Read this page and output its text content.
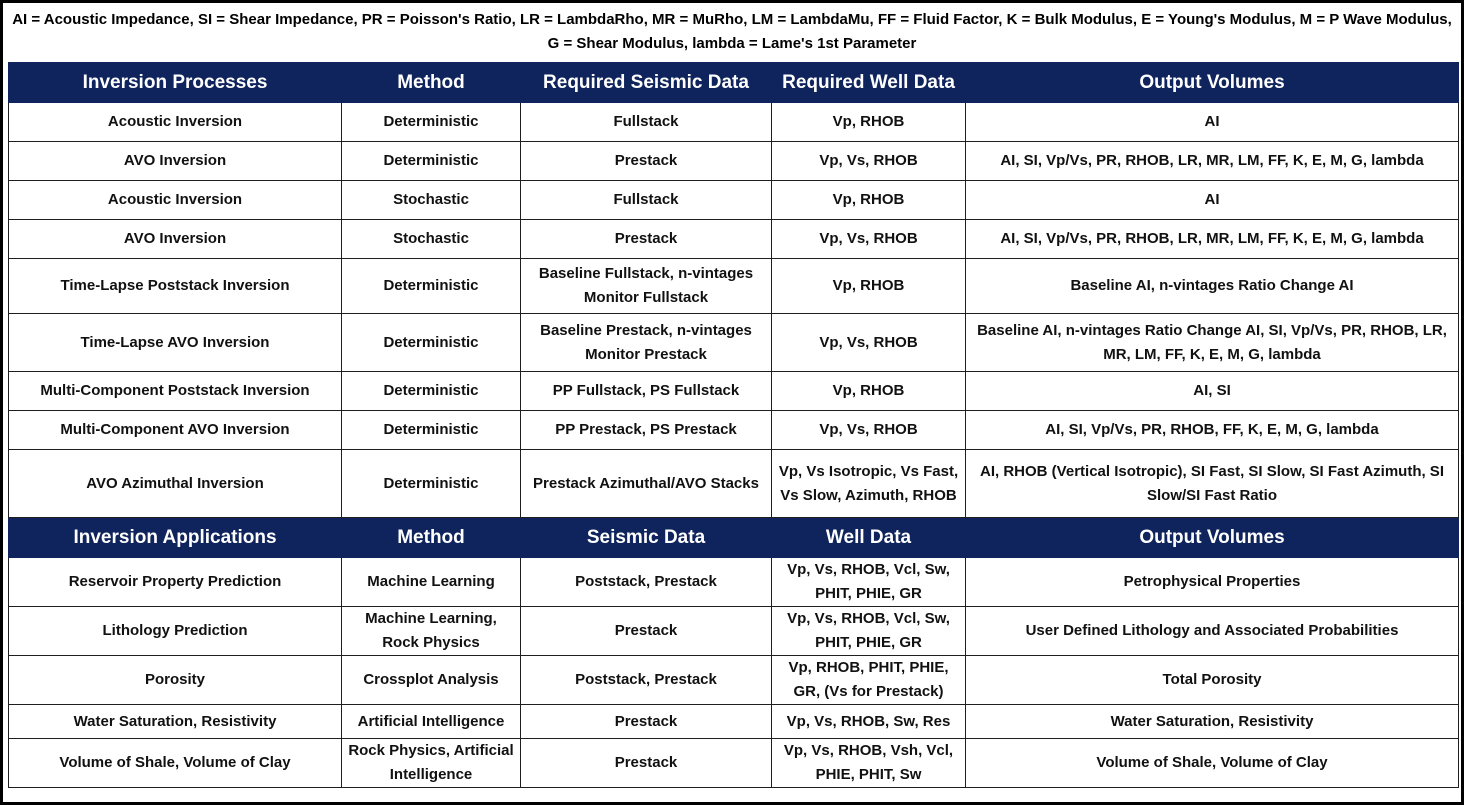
AI = Acoustic Impedance, SI = Shear Impedance, PR = Poisson's Ratio, LR = LambdaRho, MR = MuRho, LM = LambdaMu, FF = Fluid Factor, K = Bulk Modulus, E = Young's Modulus, M = P Wave Modulus, G = Shear Modulus, lambda = Lame's 1st Parameter
Inversion Processes	Method	Required Seismic Data	Required Well Data	Output Volumes
Acoustic Inversion	Deterministic	Fullstack	Vp, RHOB	AI
AVO Inversion	Deterministic	Prestack	Vp, Vs, RHOB	AI, SI, Vp/Vs, PR, RHOB, LR, MR, LM, FF, K, E, M, G, lambda
Acoustic Inversion	Stochastic	Fullstack	Vp, RHOB	AI
AVO Inversion	Stochastic	Prestack	Vp, Vs, RHOB	AI, SI, Vp/Vs, PR, RHOB, LR, MR, LM, FF, K, E, M, G, lambda
Time-Lapse Poststack Inversion	Deterministic	Baseline Fullstack, n-vintages Monitor Fullstack	Vp, RHOB	Baseline AI, n-vintages Ratio Change AI
Time-Lapse AVO Inversion	Deterministic	Baseline Prestack, n-vintages Monitor Prestack	Vp, Vs, RHOB	Baseline AI, n-vintages Ratio Change AI, SI, Vp/Vs, PR, RHOB, LR, MR, LM, FF, K, E, M, G, lambda
Multi-Component Poststack Inversion	Deterministic	PP Fullstack, PS Fullstack	Vp, RHOB	AI, SI
Multi-Component AVO Inversion	Deterministic	PP Prestack, PS Prestack	Vp, Vs, RHOB	AI, SI, Vp/Vs, PR, RHOB, FF, K, E, M, G, lambda
AVO Azimuthal Inversion	Deterministic	Prestack Azimuthal/AVO Stacks	Vp, Vs Isotropic, Vs Fast, Vs Slow, Azimuth, RHOB	AI, RHOB (Vertical Isotropic), SI Fast, SI Slow, SI Fast Azimuth, SI Slow/SI Fast Ratio
Inversion Applications	Method	Seismic Data	Well Data	Output Volumes
Reservoir Property Prediction	Machine Learning	Poststack, Prestack	Vp, Vs, RHOB, Vcl, Sw, PHIT, PHIE, GR	Petrophysical Properties
Lithology Prediction	Machine Learning, Rock Physics	Prestack	Vp, Vs, RHOB, Vcl, Sw, PHIT, PHIE, GR	User Defined Lithology and Associated Probabilities
Porosity	Crossplot Analysis	Poststack, Prestack	Vp, RHOB, PHIT, PHIE, GR, (Vs for Prestack)	Total Porosity
Water Saturation, Resistivity	Artificial Intelligence	Prestack	Vp, Vs, RHOB, Sw, Res	Water Saturation, Resistivity
Volume of Shale, Volume of Clay	Rock Physics, Artificial Intelligence	Prestack	Vp, Vs, RHOB, Vsh, Vcl, PHIE, PHIT, Sw	Volume of Shale, Volume of Clay
